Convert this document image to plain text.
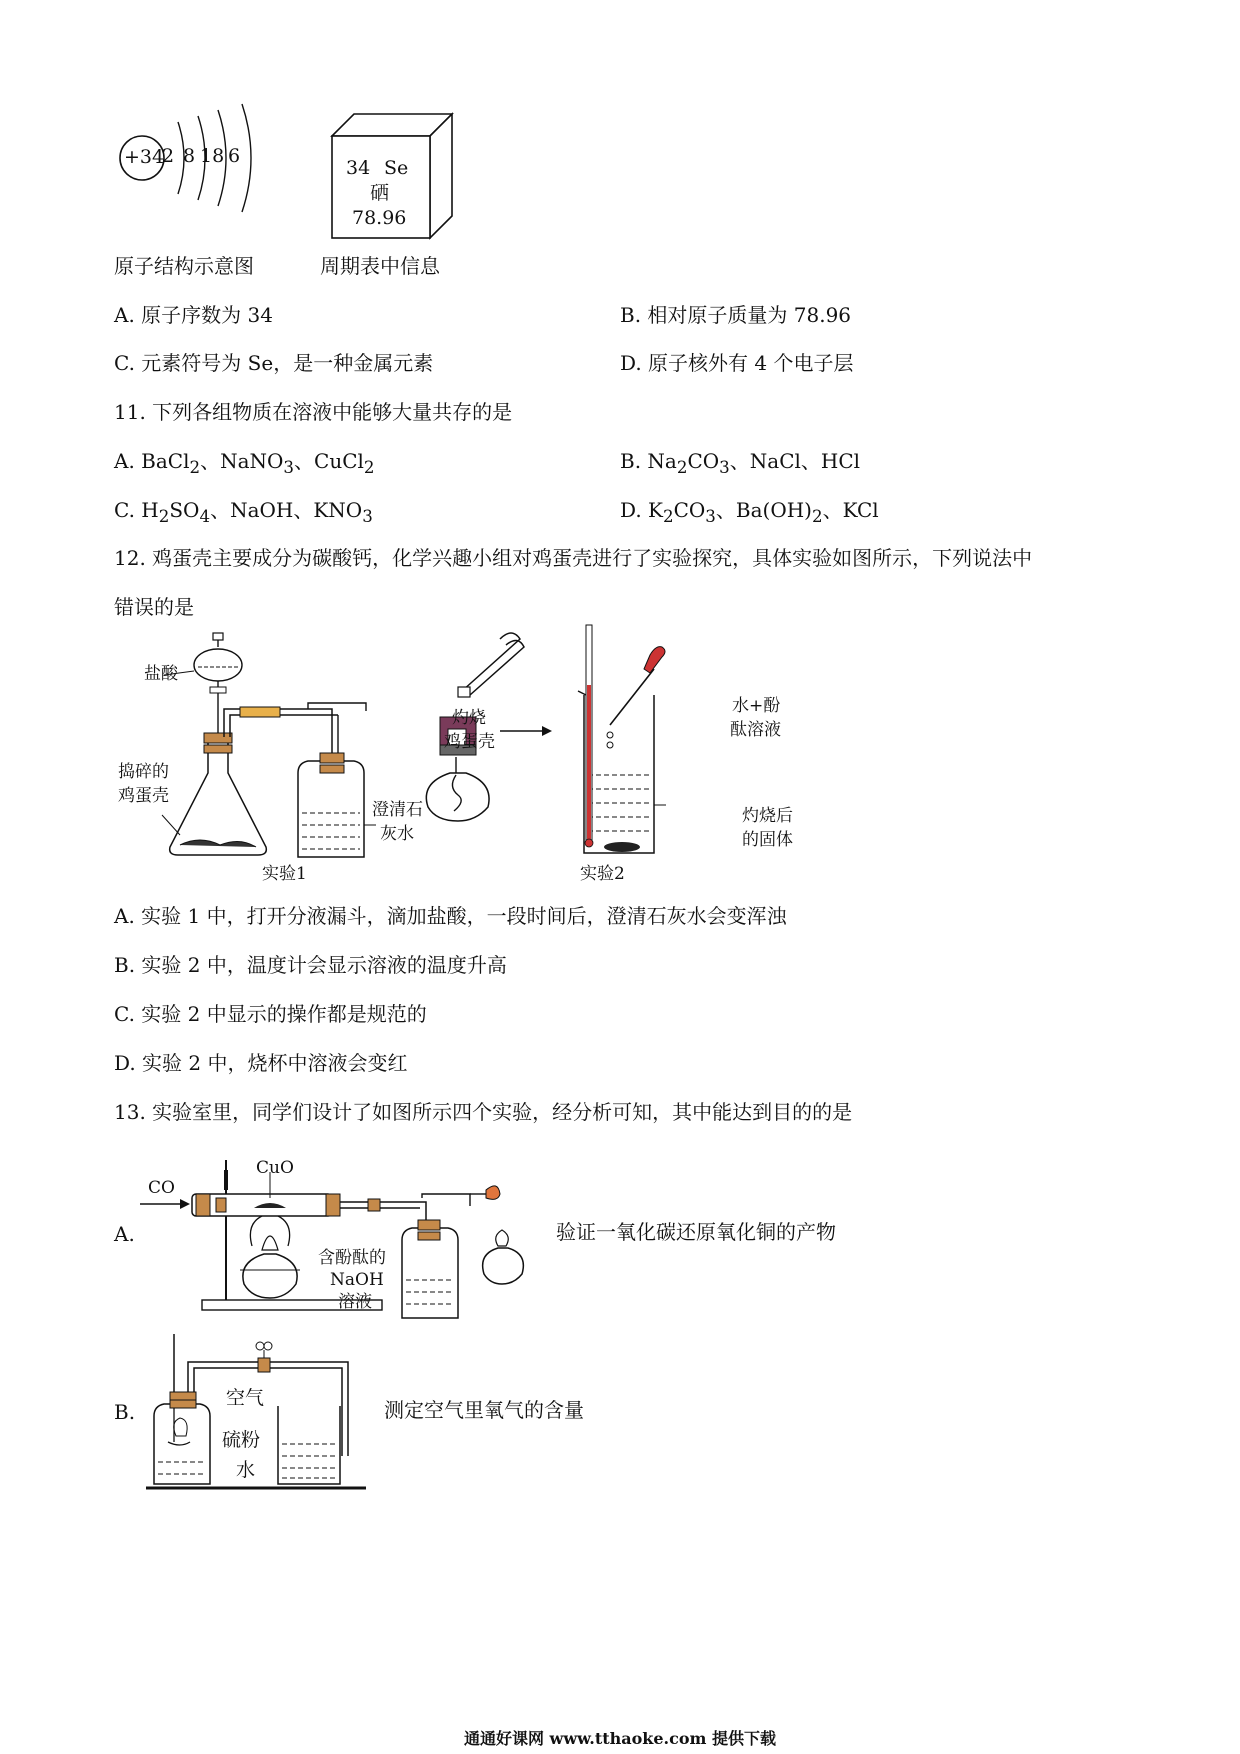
+34
2 8 18 6
34 Se
硒
78.96
原子结构示意图	周期表中信息
A. 原子序数为 34	B. 相对原子质量为 78.96
C. 元素符号为 Se，是一种金属元素	D. 原子核外有 4 个电子层
11. 下列各组物质在溶液中能够大量共存的是
A. BaCl$_2$、NaNO$_3$、CuCl$_2$	B. $Na_2CO_3$、NaCl、HCl
C. $H_2SO_4$、NaOH、$KNO_3$	D. $K_2CO_3$、$Ba(OH)_2$、KCl
12. 鸡蛋壳主要成分为碳酸钙，化学兴趣小组对鸡蛋壳进行了实验探究，具体实验如图所示，下列说法中
错误的是
盐酸
捣碎的
鸡蛋壳
澄清石
灰水
灼烧
鸡蛋壳
水+酚
酞溶液
灼烧后
的固体
实验1	实验2
A. 实验 1 中，打开分液漏斗，滴加盐酸，一段时间后，澄清石灰水会变浑浊
B. 实验 2 中，温度计会显示溶液的温度升高
C. 实验 2 中显示的操作都是规范的
D. 实验 2 中，烧杯中溶液会变红
13. 实验室里，同学们设计了如图所示四个实验，经分析可知，其中能达到目的的是
CO
CuO
含酚酞的
NaOH
溶液
A.	验证一氧化碳还原氧化铜的产物
空气
硫粉
水
B.	测定空气里氧气的含量
通通好课网 www.tthaoke.com 提供下载
